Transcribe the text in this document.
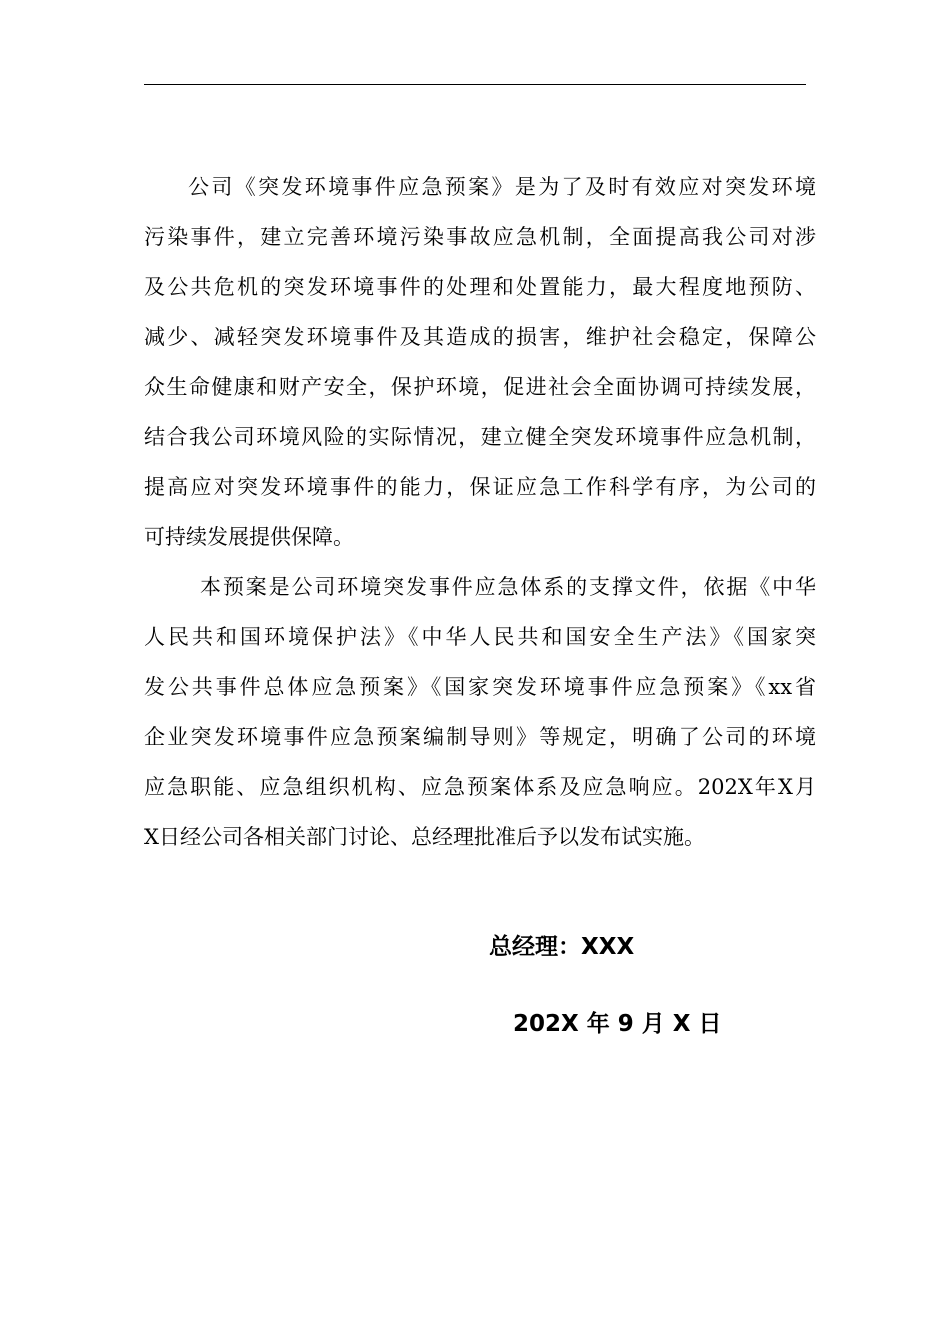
公司《突发环境事件应急预案》是为了及时有效应对突发环境
污染事件，建立完善环境污染事故应急机制，全面提高我公司对涉
及公共危机的突发环境事件的处理和处置能力，最大程度地预防、
减少、减轻突发环境事件及其造成的损害，维护社会稳定，保障公
众生命健康和财产安全，保护环境，促进社会全面协调可持续发展，
结合我公司环境风险的实际情况，建立健全突发环境事件应急机制，
提高应对突发环境事件的能力，保证应急工作科学有序，为公司的
可持续发展提供保障。
本预案是公司环境突发事件应急体系的支撑文件，依据《中华
人民共和国环境保护法》《中华人民共和国安全生产法》《国家突
发公共事件总体应急预案》《国家突发环境事件应急预案》《xx省
企业突发环境事件应急预案编制导则》等规定，明确了公司的环境
应急职能、应急组织机构、应急预案体系及应急响应。202X年X月
X日经公司各相关部门讨论、总经理批准后予以发布试实施。
总经理：XXX
202X 年 9 月 X 日
